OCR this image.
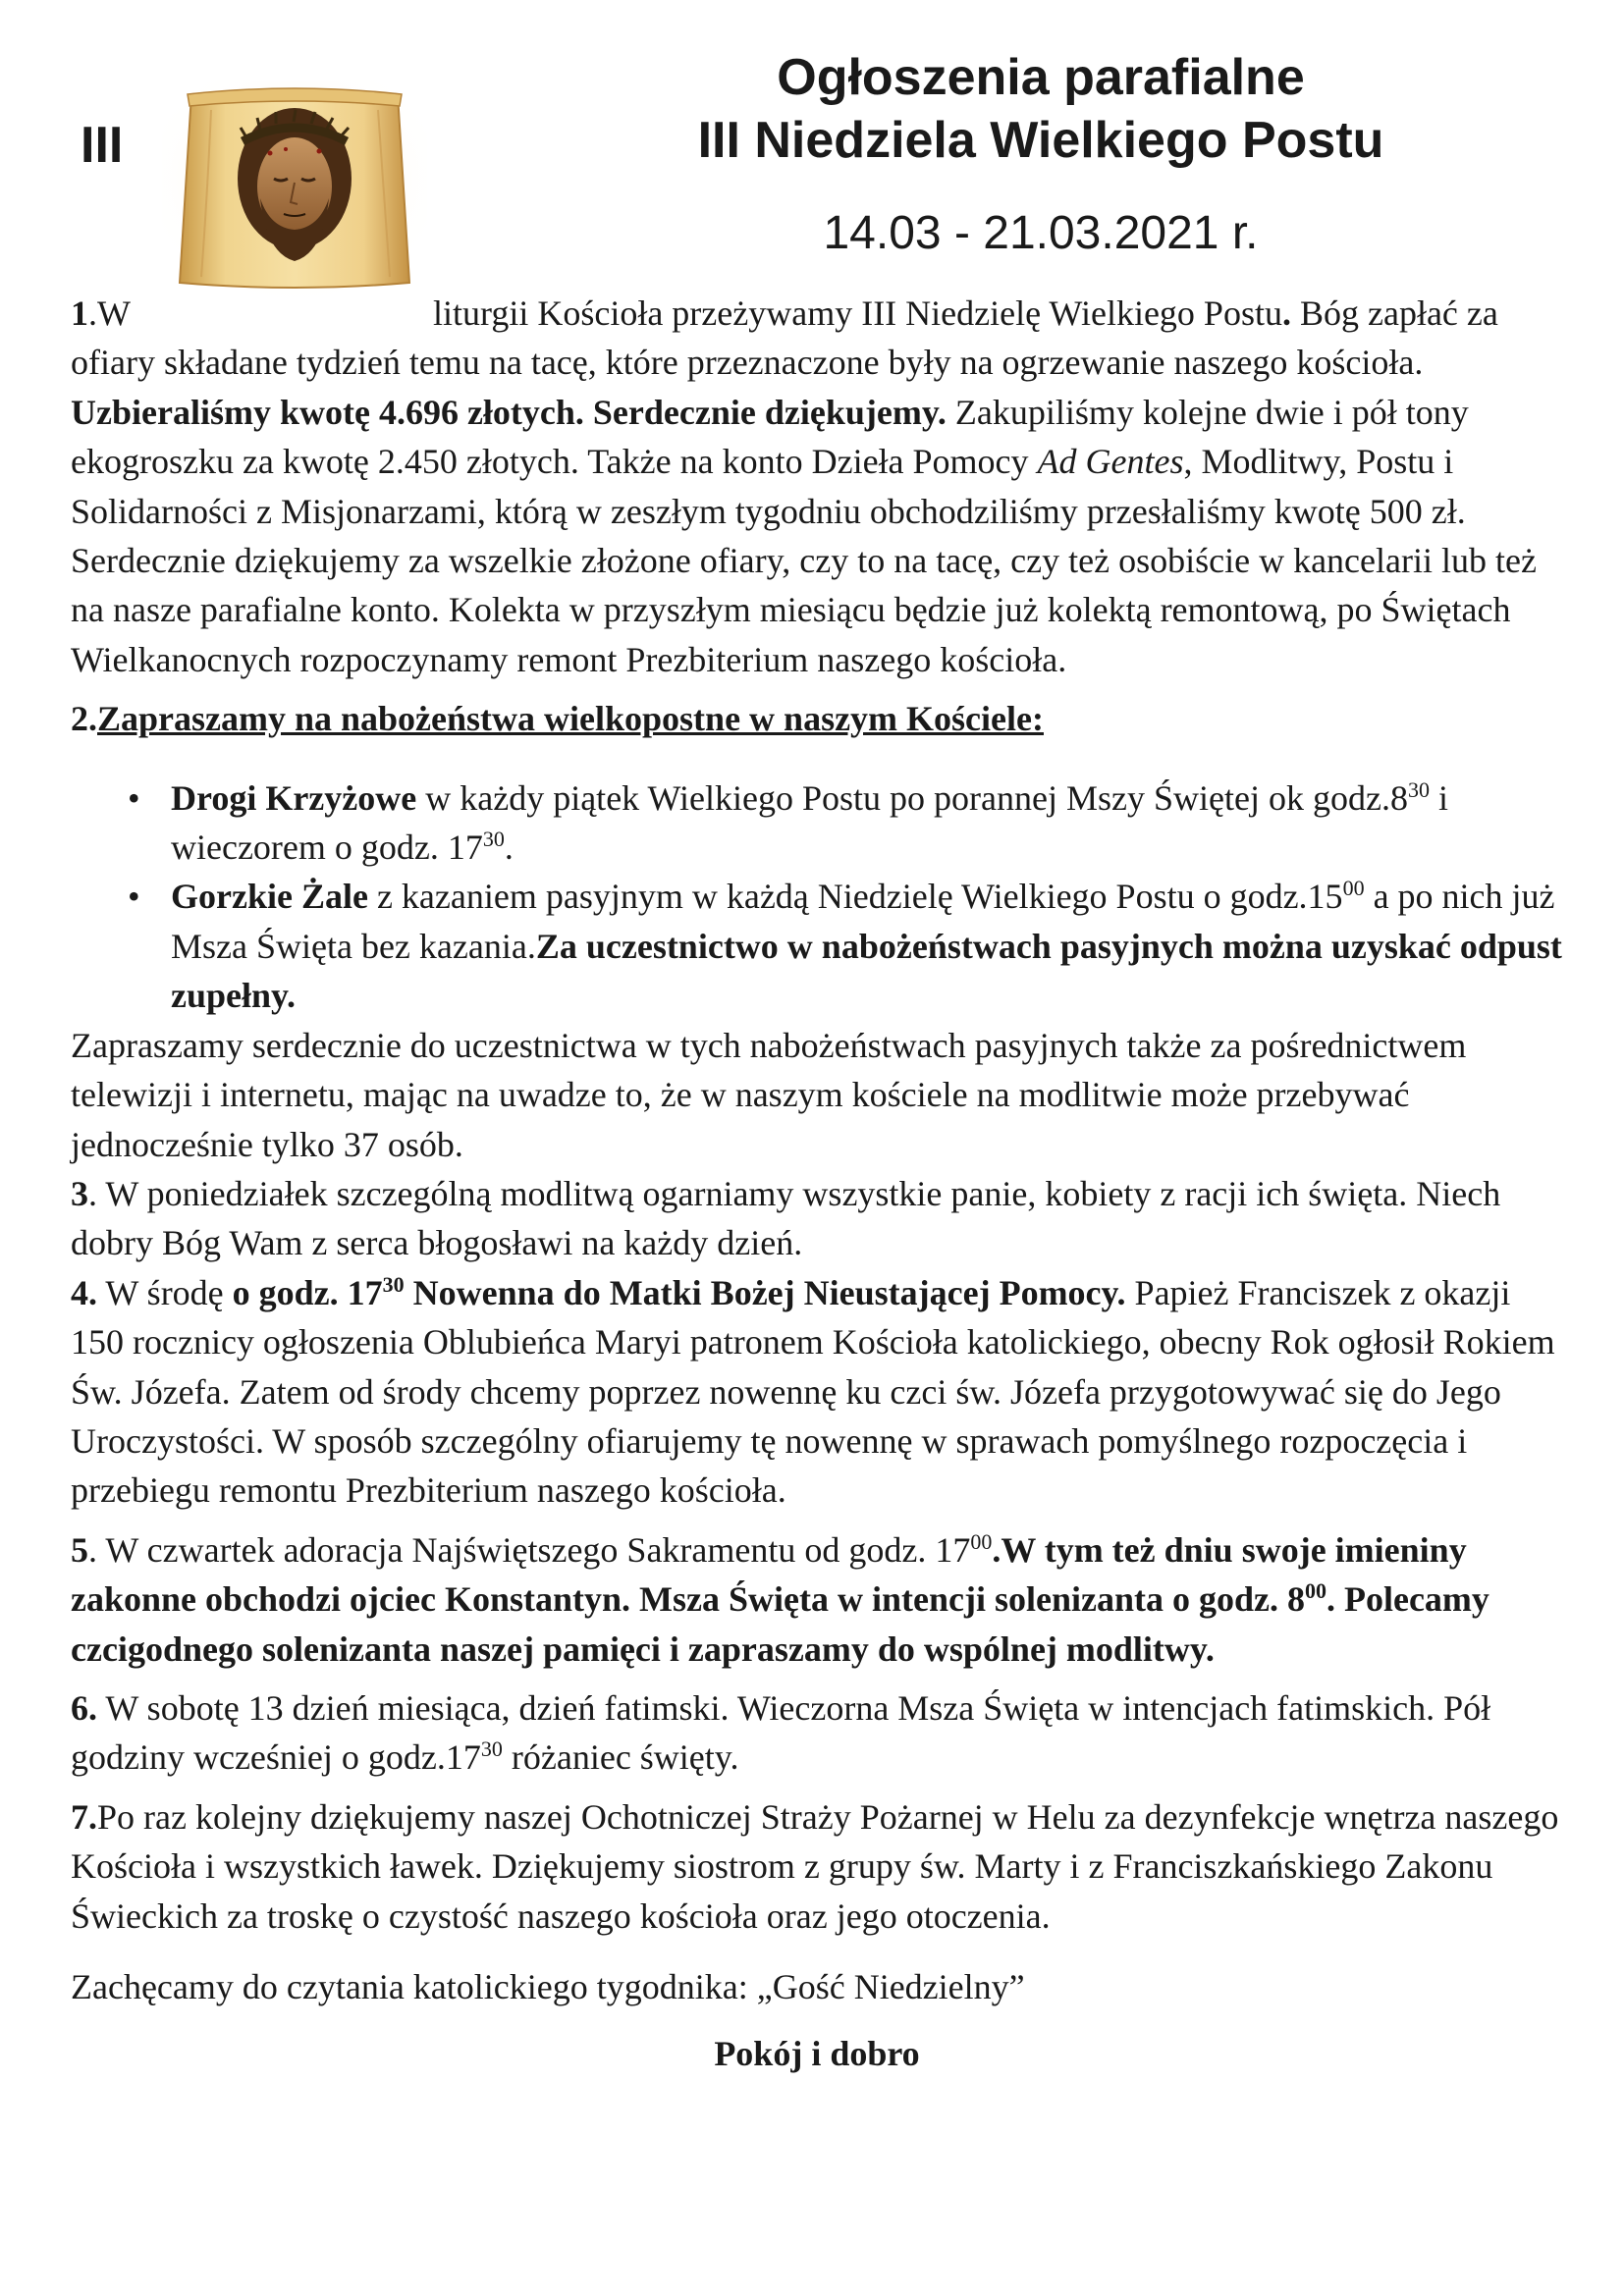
III
Ogłoszenia parafialne
III Niedziela Wielkiego Postu
14.03 - 21.03.2021 r.

1.W	liturgii Kościoła przeżywamy III Niedzielę Wielkiego Postu. Bóg zapłać za ofiary składane tydzień temu na tacę, które przeznaczone były na ogrzewanie naszego kościoła. Uzbieraliśmy kwotę 4.696 złotych. Serdecznie dziękujemy. Zakupiliśmy kolejne dwie i pół tony ekogroszku za kwotę 2.450 złotych. Także na konto Dzieła Pomocy Ad Gentes, Modlitwy, Postu i Solidarności z Misjonarzami, którą w zeszłym tygodniu obchodziliśmy przesłaliśmy kwotę 500 zł. Serdecznie dziękujemy za wszelkie złożone ofiary, czy to na tacę, czy też osobiście w kancelarii lub też na nasze parafialne konto. Kolekta w przyszłym miesiącu będzie już kolektą remontową, po Świętach Wielkanocnych rozpoczynamy remont Prezbiterium naszego kościoła.

2.Zapraszamy na nabożeństwa wielkopostne w naszym Kościele:

• Drogi Krzyżowe w każdy piątek Wielkiego Postu po porannej Mszy Świętej ok $godz.8^{30}$ i wieczorem o godz. $17^{30}$.
• Gorzkie Żale z kazaniem pasyjnym w każdą Niedzielę Wielkiego Postu o $godz.15^{00}$ a po nich już Msza Święta bez kazania.Za uczestnictwo w nabożeństwach pasyjnych można uzyskać odpust zupełny.

Zapraszamy serdecznie do uczestnictwa w tych nabożeństwach pasyjnych także za pośrednictwem telewizji i internetu, mając na uwadze to, że w naszym kościele na modlitwie może przebywać jednocześnie tylko 37 osób.

3. W poniedziałek szczególną modlitwą ogarniamy wszystkie panie, kobiety z racji ich święta. Niech dobry Bóg Wam z serca błogosławi na każdy dzień.

4. W środę o godz. $17^{30}$ Nowenna do Matki Bożej Nieustającej Pomocy. Papież Franciszek z okazji 150 rocznicy ogłoszenia Oblubieńca Maryi patronem Kościoła katolickiego, obecny Rok ogłosił Rokiem Św. Józefa. Zatem od środy chcemy poprzez nowennę ku czci św. Józefa przygotowywać się do Jego Uroczystości. W sposób szczególny ofiarujemy tę nowennę w sprawach pomyślnego rozpoczęcia i przebiegu remontu Prezbiterium naszego kościoła.

5. W czwartek adoracja Najświętszego Sakramentu od godz. $17^{00}.W$ tym też dniu swoje imieniny zakonne obchodzi ojciec Konstantyn. Msza Święta w intencji solenizanta o godz. $8^{00}$. Polecamy czcigodnego solenizanta naszej pamięci i zapraszamy do wspólnej modlitwy.

6. W sobotę 13 dzień miesiąca, dzień fatimski. Wieczorna Msza Święta w intencjach fatimskich. Pół godziny wcześniej o $godz.17^{30}$ różaniec święty.

7.Po raz kolejny dziękujemy naszej Ochotniczej Straży Pożarnej w Helu za dezynfekcje wnętrza naszego Kościoła i wszystkich ławek. Dziękujemy siostrom z grupy św. Marty i z Franciszkańskiego Zakonu Świeckich za troskę o czystość naszego kościoła oraz jego otoczenia.

Zachęcamy do czytania katolickiego tygodnika: „Gość Niedzielny”

Pokój i dobro
